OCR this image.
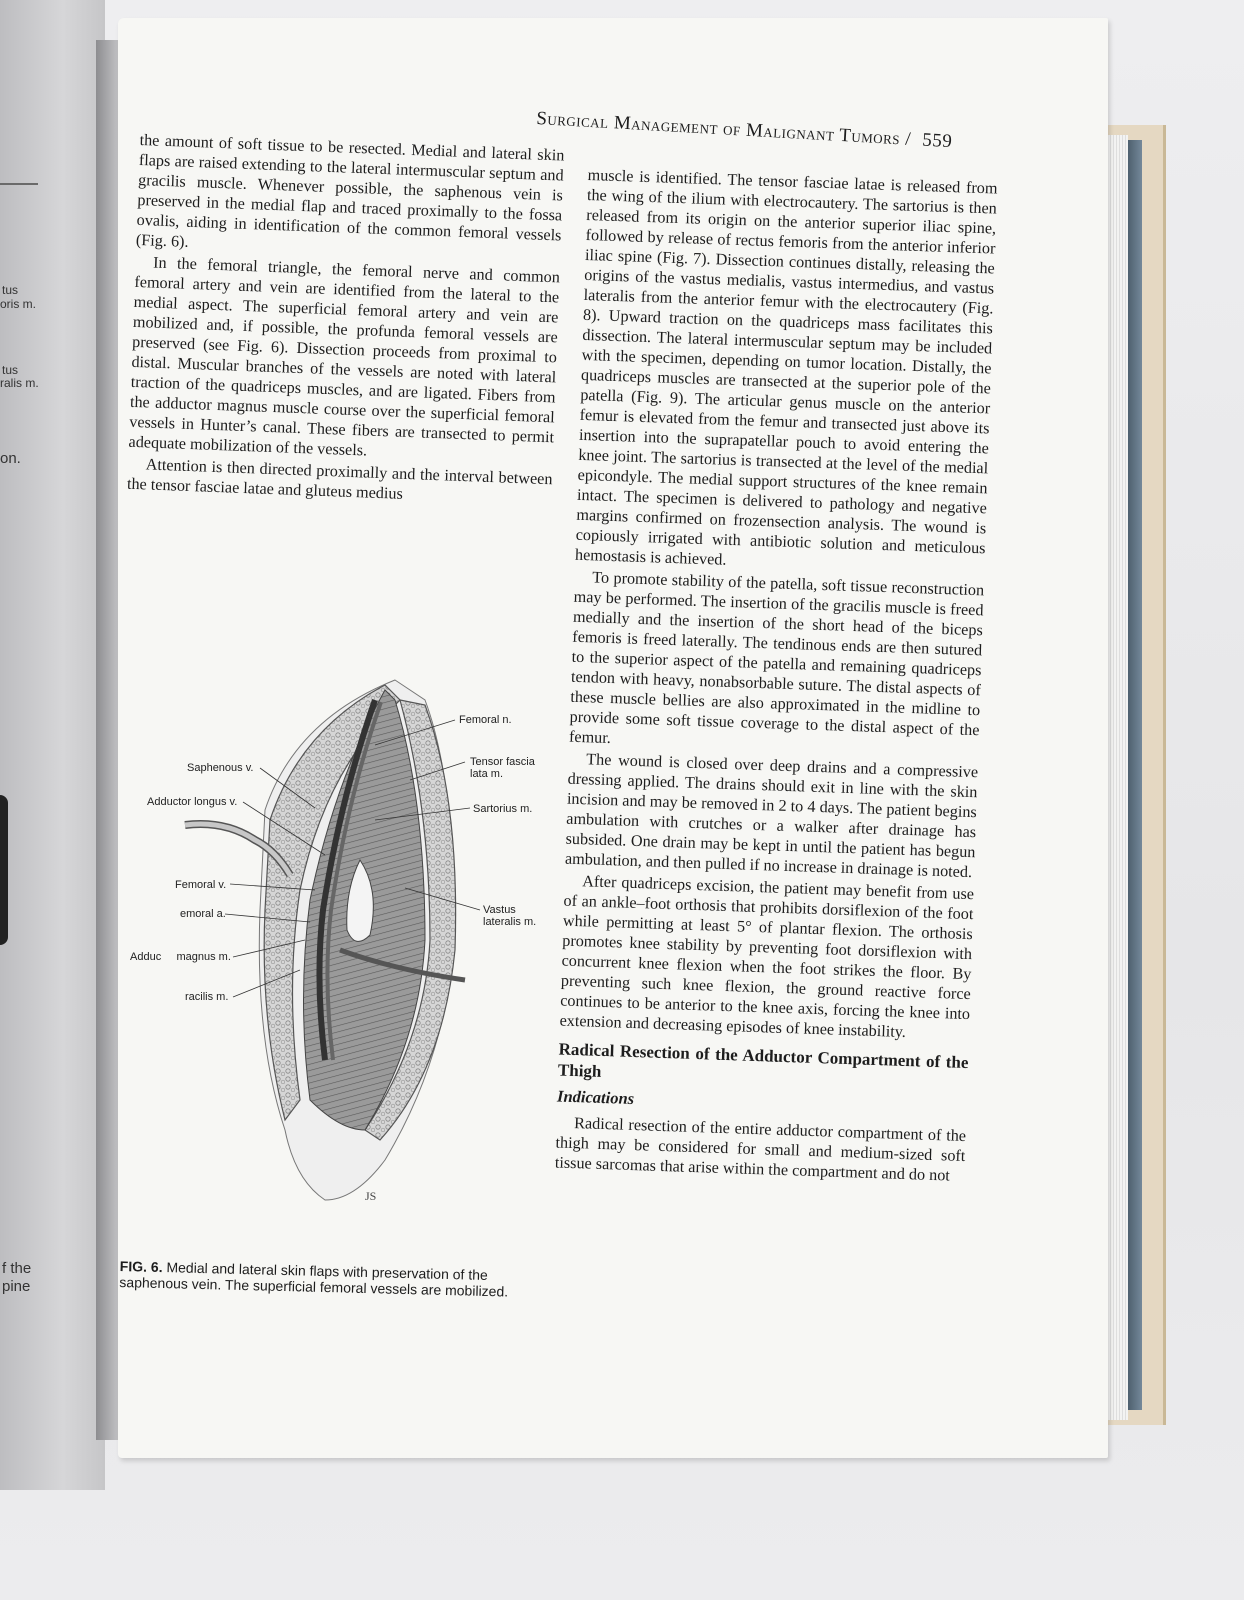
tus
oris m.
tus
ralis m.
on.
f the
pine
Surgical Management of Malignant Tumors / 559

the amount of soft tissue to be resected. Medial and lateral skin flaps are raised extending to the lateral intermuscular septum and gracilis muscle. Whenever possible, the saphenous vein is preserved in the medial flap and traced proximally to the fossa ovalis, aiding in identification of the common femoral vessels (Fig. 6).

In the femoral triangle, the femoral nerve and common femoral artery and vein are identified from the lateral to the medial aspect. The superficial femoral artery and vein are mobilized and, if possible, the profunda femoral vessels are preserved (see Fig. 6). Dissection proceeds from proximal to distal. Muscular branches of the vessels are noted with lateral traction of the quadriceps muscles, and are ligated. Fibers from the adductor magnus muscle course over the superficial femoral vessels in Hunter’s canal. These fibers are transected to permit adequate mobilization of the vessels.

Attention is then directed proximally and the interval between the tensor fasciae latae and gluteus medius

muscle is identified. The tensor fasciae latae is released from the wing of the ilium with electrocautery. The sartorius is then released from its origin on the anterior superior iliac spine, followed by release of rectus femoris from the anterior inferior iliac spine (Fig. 7). Dissection continues distally, releasing the origins of the vastus medialis, vastus intermedius, and vastus lateralis from the anterior femur with the electrocautery (Fig. 8). Upward traction on the quadriceps mass facilitates this dissection. The lateral intermuscular septum may be included with the specimen, depending on tumor location. Distally, the quadriceps muscles are transected at the superior pole of the patella (Fig. 9). The articular genus muscle on the anterior femur is elevated from the femur and transected just above its insertion into the suprapatellar pouch to avoid entering the knee joint. The sartorius is transected at the level of the medial epicondyle. The medial support structures of the knee remain intact. The specimen is delivered to pathology and negative margins confirmed on frozensection analysis. The wound is copiously irrigated with antibiotic solution and meticulous hemostasis is achieved.

To promote stability of the patella, soft tissue reconstruction may be performed. The insertion of the gracilis muscle is freed medially and the insertion of the short head of the biceps femoris is freed laterally. The tendinous ends are then sutured to the superior aspect of the patella and remaining quadriceps tendon with heavy, nonabsorbable suture. The distal aspects of these muscle bellies are also approximated in the midline to provide some soft tissue coverage to the distal aspect of the femur.

The wound is closed over deep drains and a compressive dressing applied. The drains should exit in line with the skin incision and may be removed in 2 to 4 days. The patient begins ambulation with crutches or a walker after drainage has subsided. One drain may be kept in until the patient has begun ambulation, and then pulled if no increase in drainage is noted.

After quadriceps excision, the patient may benefit from use of an ankle–foot orthosis that prohibits dorsiflexion of the foot while permitting at least 5° of plantar flexion. The orthosis promotes knee stability by preventing foot dorsiflexion with concurrent knee flexion when the foot strikes the floor. By preventing such knee flexion, the ground reactive force continues to be anterior to the knee axis, forcing the knee into extension and decreasing episodes of knee instability.

Radical Resection of the Adductor Compartment of the Thigh
Indications

Radical resection of the entire adductor compartment of the thigh may be considered for small and medium-sized soft tissue sarcomas that arise within the compartment and do not

JS
Femoral n.
Tensor fascia lata m.
Sartorius m.
Vastus lateralis m.
Saphenous v.
Adductor longus v.
Femoral v.
emoral a.
Adduc     magnus m.
racilis m.
FIG. 6. Medial and lateral skin flaps with preservation of the saphenous vein. The superficial femoral vessels are mobilized.
